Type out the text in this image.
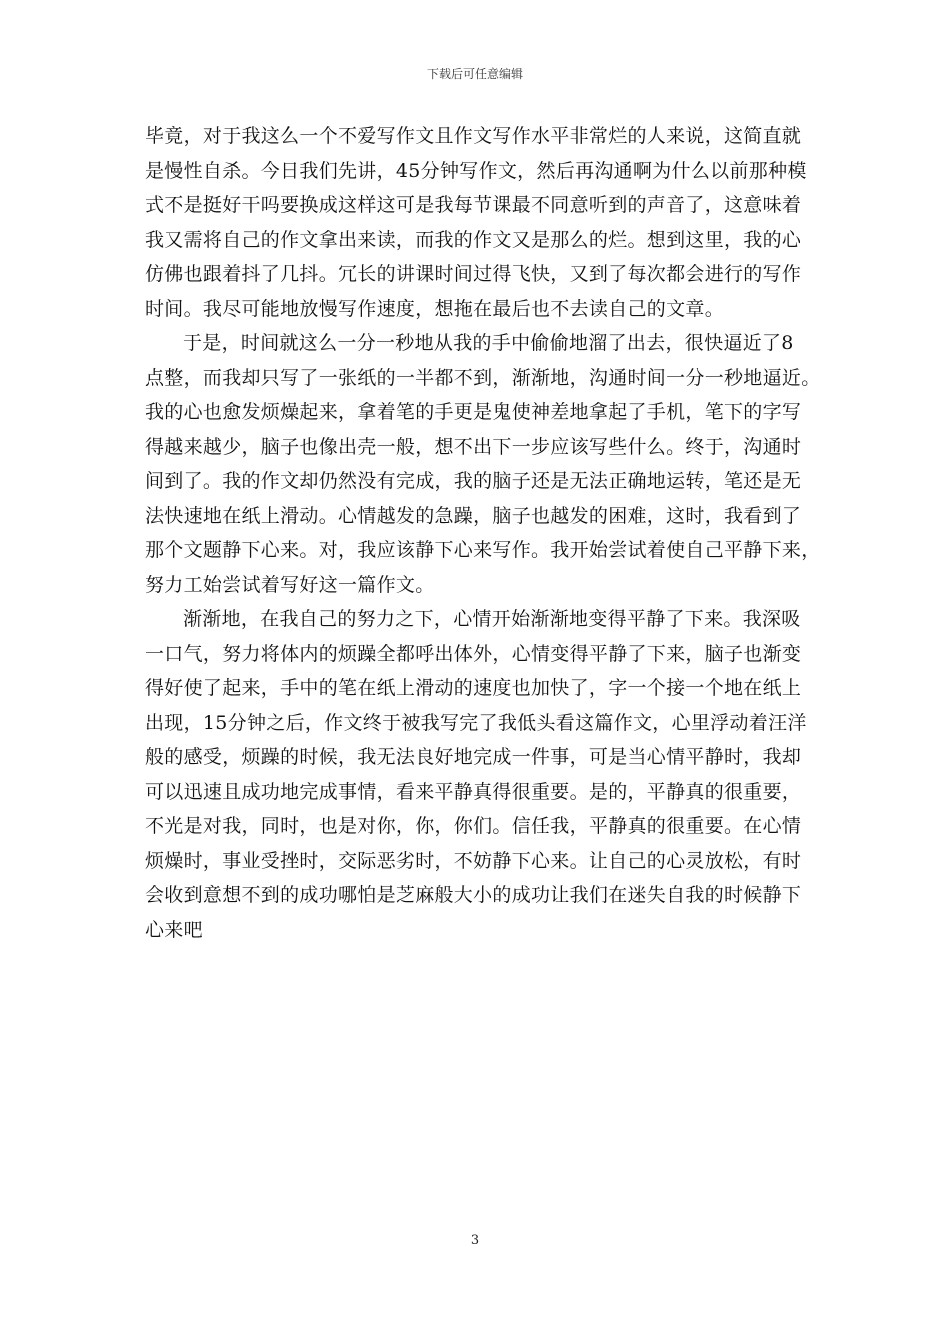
下载后可任意编辑

毕竟，对于我这么一个不爱写作文且作文写作水平非常烂的人来说，这简直就
是慢性自杀。今日我们先讲，45分钟写作文，然后再沟通啊为什么以前那种模
式不是挺好干吗要换成这样这可是我每节课最不同意听到的声音了，这意味着
我又需将自己的作文拿出来读，而我的作文又是那么的烂。想到这里，我的心
仿佛也跟着抖了几抖。冗长的讲课时间过得飞快，又到了每次都会进行的写作
时间。我尽可能地放慢写作速度，想拖在最后也不去读自己的文章。

于是，时间就这么一分一秒地从我的手中偷偷地溜了出去，很快逼近了8
点整，而我却只写了一张纸的一半都不到，渐渐地，沟通时间一分一秒地逼近。
我的心也愈发烦燥起来，拿着笔的手更是鬼使神差地拿起了手机，笔下的字写
得越来越少，脑子也像出壳一般，想不出下一步应该写些什么。终于，沟通时
间到了。我的作文却仍然没有完成，我的脑子还是无法正确地运转，笔还是无
法快速地在纸上滑动。心情越发的急躁，脑子也越发的困难，这时，我看到了
那个文题静下心来。对，我应该静下心来写作。我开始尝试着使自己平静下来，
努力工始尝试着写好这一篇作文。

渐渐地，在我自己的努力之下，心情开始渐渐地变得平静了下来。我深吸
一口气，努力将体内的烦躁全都呼出体外，心情变得平静了下来，脑子也渐变
得好使了起来，手中的笔在纸上滑动的速度也加快了，字一个接一个地在纸上
出现，15分钟之后，作文终于被我写完了我低头看这篇作文，心里浮动着汪洋
般的感受，烦躁的时候，我无法良好地完成一件事，可是当心情平静时，我却
可以迅速且成功地完成事情，看来平静真得很重要。是的，平静真的很重要，
不光是对我，同时，也是对你，你，你们。信任我，平静真的很重要。在心情
烦燥时，事业受挫时，交际恶劣时，不妨静下心来。让自己的心灵放松，有时
会收到意想不到的成功哪怕是芝麻般大小的成功让我们在迷失自我的时候静下
心来吧

3
